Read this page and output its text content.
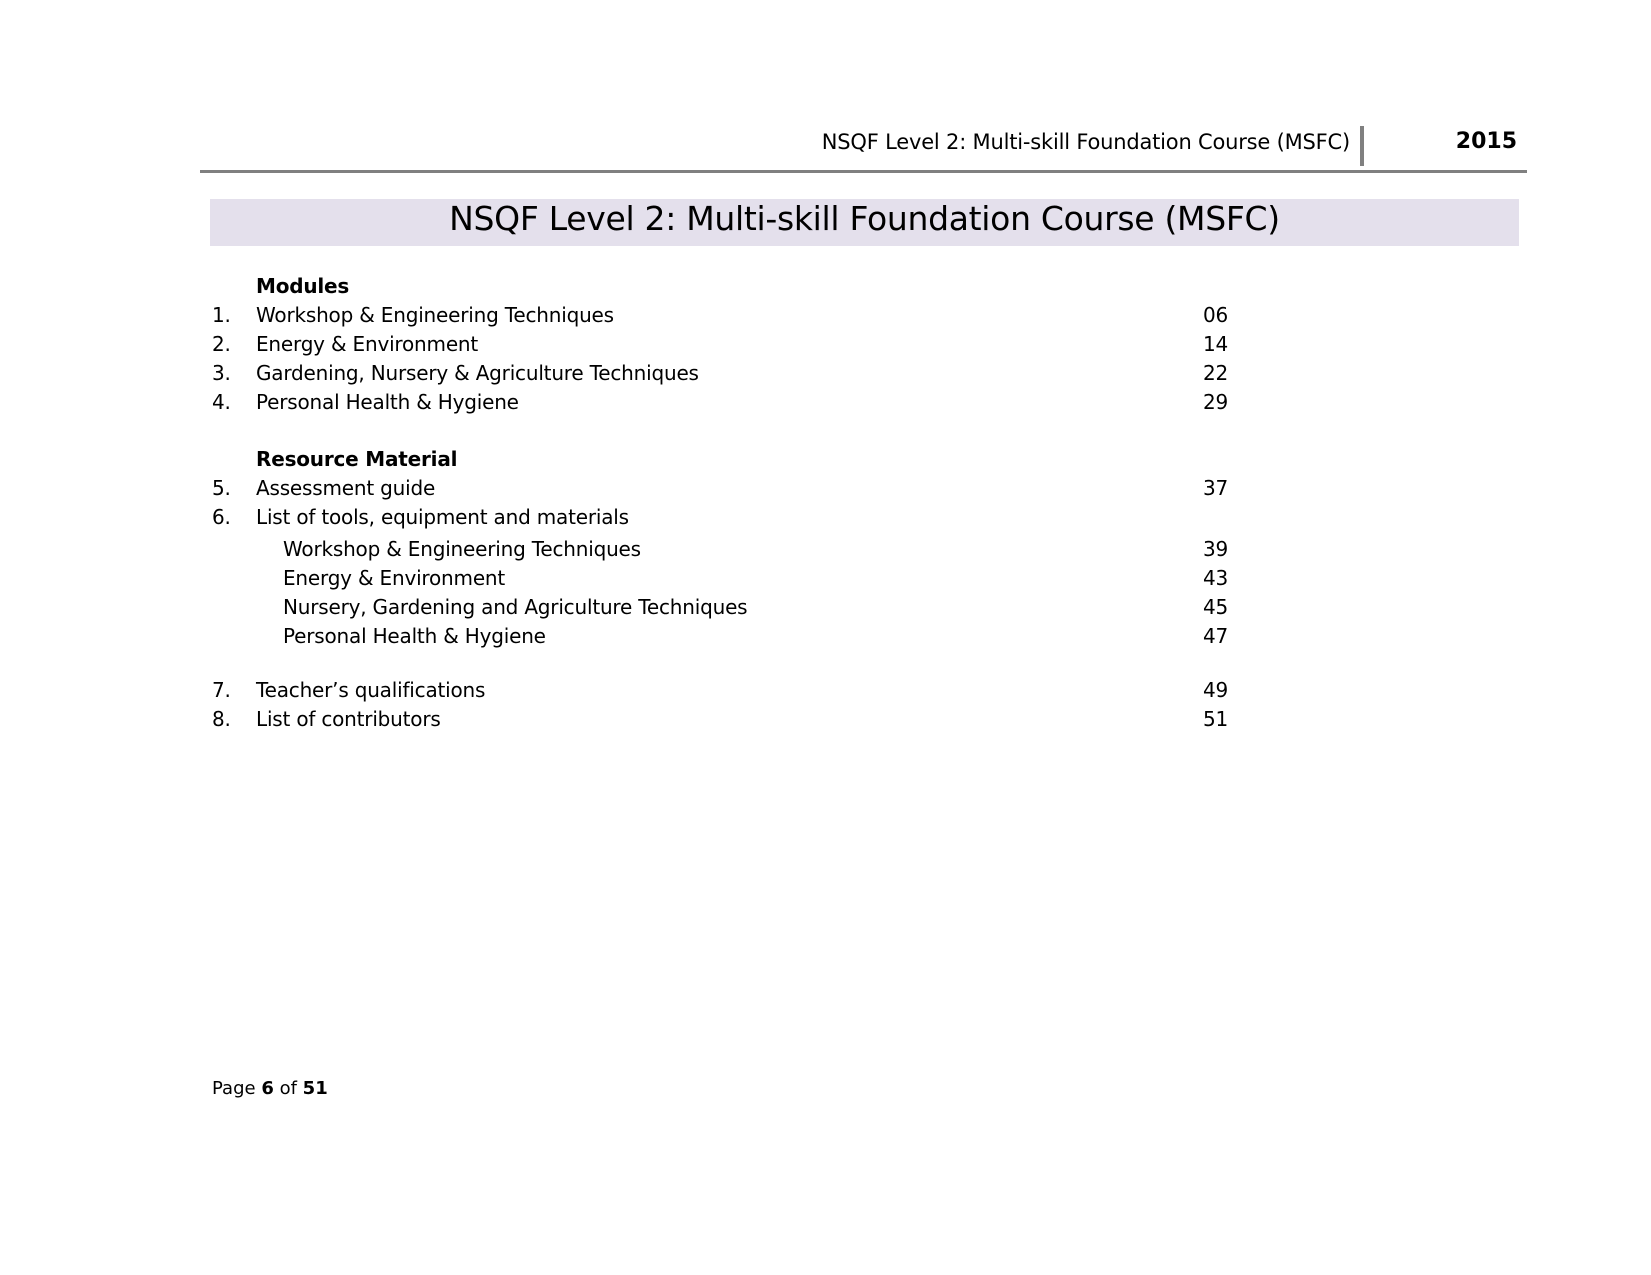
NSQF Level 2: Multi-skill Foundation Course (MSFC)	2015
NSQF Level 2: Multi-skill Foundation Course (MSFC)
Modules
1. Workshop & Engineering Techniques	06
2. Energy & Environment	14
3. Gardening, Nursery & Agriculture Techniques	22
4. Personal Health & Hygiene	29
Resource Material
5. Assessment guide	37
6. List of tools, equipment and materials
Workshop & Engineering Techniques	39
Energy & Environment	43
Nursery, Gardening and Agriculture Techniques	45
Personal Health & Hygiene	47
7. Teacher’s qualifications	49
8. List of contributors	51
Page 6 of 51
